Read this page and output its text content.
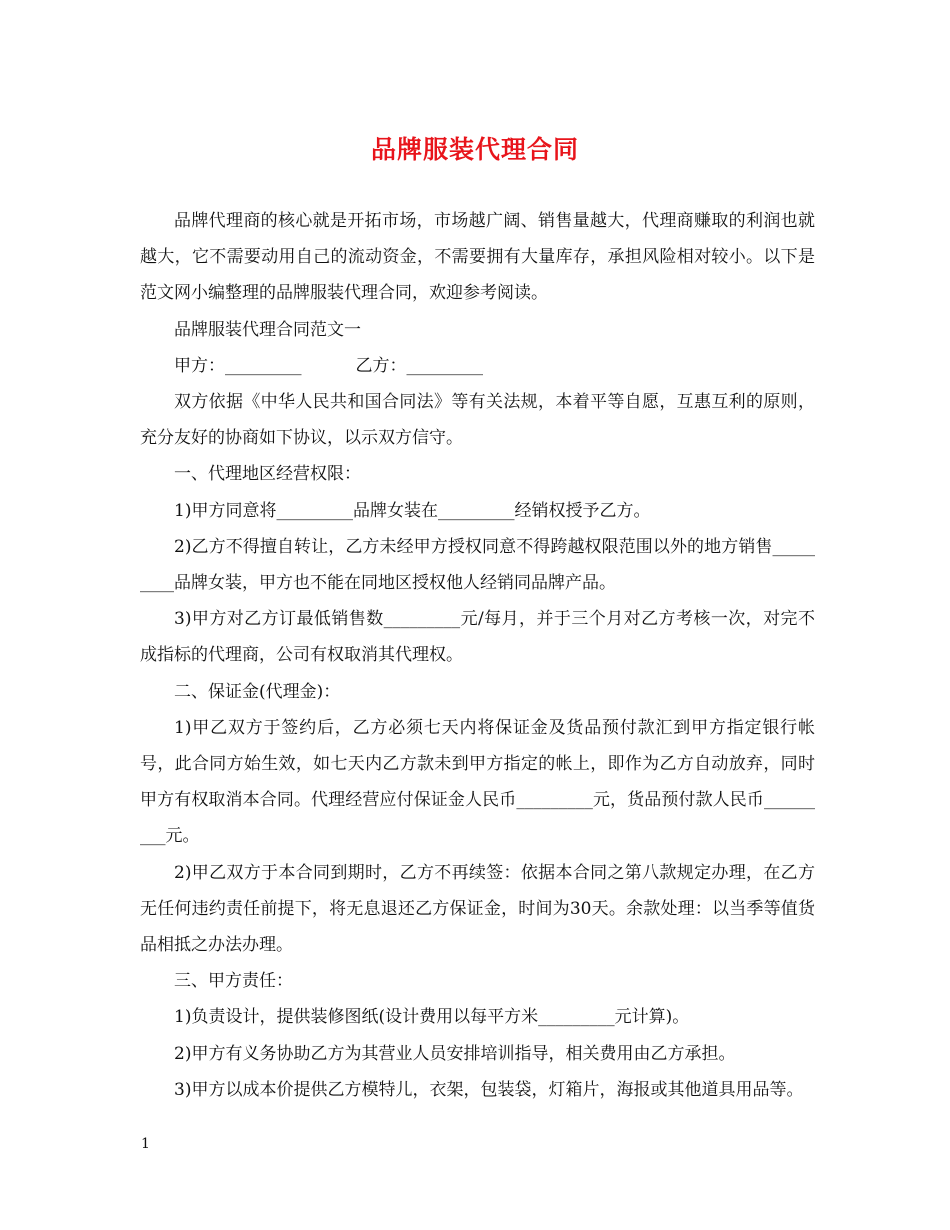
品牌服装代理合同

品牌代理商的核心就是开拓市场，市场越广阔、销售量越大，代理商赚取的利润也就越大，它不需要动用自己的流动资金，不需要拥有大量库存，承担风险相对较小。以下是范文网小编整理的品牌服装代理合同，欢迎参考阅读。

品牌服装代理合同范文一

甲方：_________          乙方：_________

双方依据《中华人民共和国合同法》等有关法规，本着平等自愿，互惠互利的原则，充分友好的协商如下协议，以示双方信守。

一、代理地区经营权限：

1)甲方同意将_________品牌女装在_________经销权授予乙方。

2)乙方不得擅自转让，乙方未经甲方授权同意不得跨越权限范围以外的地方销售_________品牌女装，甲方也不能在同地区授权他人经销同品牌产品。

3)甲方对乙方订最低销售数_________元/每月，并于三个月对乙方考核一次，对完不成指标的代理商，公司有权取消其代理权。

二、保证金(代理金)：

1)甲乙双方于签约后，乙方必须七天内将保证金及货品预付款汇到甲方指定银行帐号，此合同方始生效，如七天内乙方款未到甲方指定的帐上，即作为乙方自动放弃，同时甲方有权取消本合同。代理经营应付保证金人民币_________元，货品预付款人民币_________元。

2)甲乙双方于本合同到期时，乙方不再续签：依据本合同之第八款规定办理，在乙方无任何违约责任前提下，将无息退还乙方保证金，时间为30天。余款处理：以当季等值货品相抵之办法办理。

三、甲方责任：

1)负责设计，提供装修图纸(设计费用以每平方米_________元计算)。

2)甲方有义务协助乙方为其营业人员安排培训指导，相关费用由乙方承担。

3)甲方以成本价提供乙方模特儿，衣架，包装袋，灯箱片，海报或其他道具用品等。

1
